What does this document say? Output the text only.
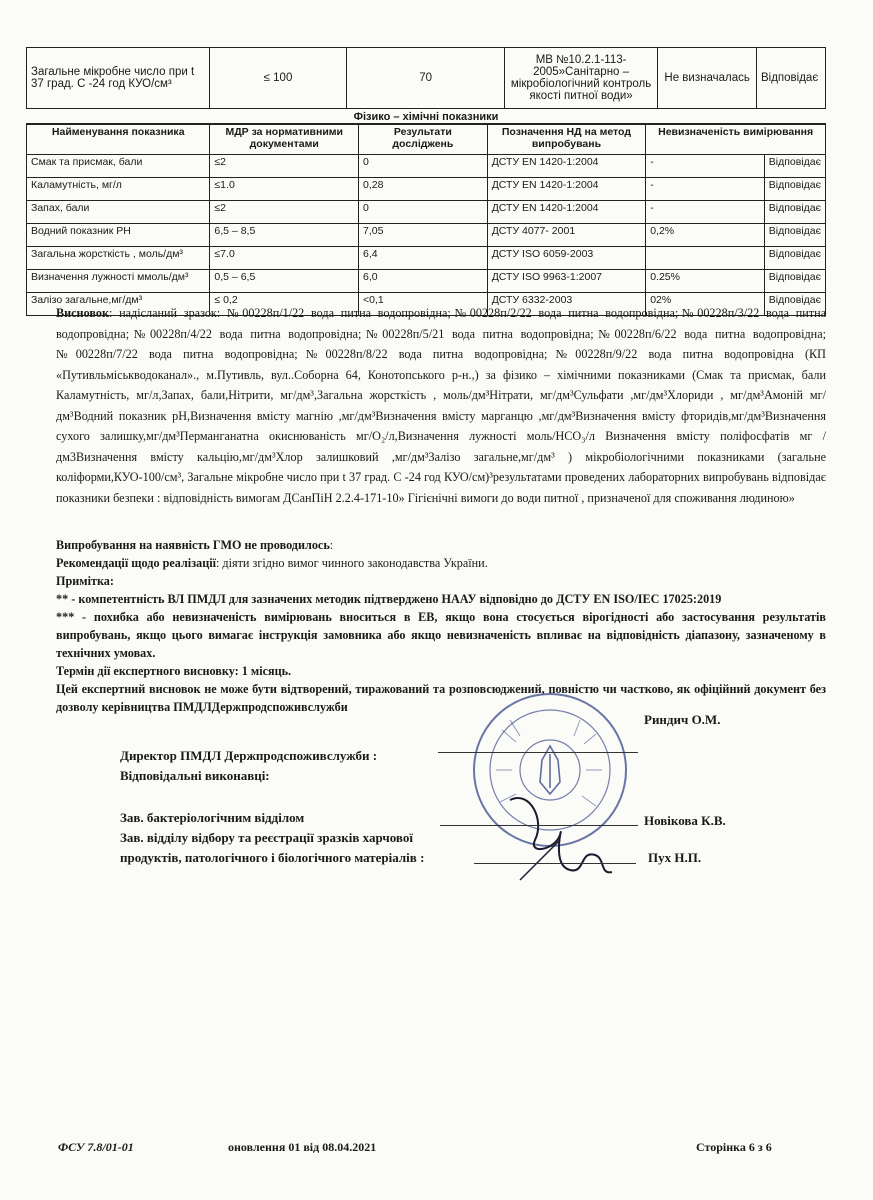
Загальне мікробне число при t 37 град. С -24 год КУО/см³	≤ 100	70	МВ №10.2.1-113-2005»Санітарно – мікробіологічний контроль якості питної води»	Не визначалась	Відповідає
Фізико – хімічні показники
Найменування показника	МДР за нормативними документами	Результати досліджень	Позначення НД на метод випробувань	Невизначеність вимірювання	
Смак та присмак, бали	≤2	0	ДСТУ EN 1420-1:2004	-	Відповідає
Каламутність, мг/л	≤1.0	0,28	ДСТУ EN 1420-1:2004	-	Відповідає
Запах, бали	≤2	0	ДСТУ EN 1420-1:2004	-	Відповідає
Водний показник РН	6,5 – 8,5	7,05	ДСТУ 4077- 2001	0,2%	Відповідає
Загальна жорсткість , моль/дм³	≤7.0	6,4	ДСТУ ISO 6059-2003		Відповідає
Визначення лужності ммоль/дм³	0,5 – 6,5	6,0	ДСТУ ISO 9963-1:2007	0.25%	Відповідає
Залізо загальне,мг/дм³	≤ 0,2	<0,1	ДСТУ 6332-2003	02%	Відповідає
Висновок: надісланий зразок: №00228п/1/22 вода питна водопровідна;№00228п/2/22 вода питна водопровідна;№00228п/3/22 вода питна водопровідна;№00228п/4/22 вода питна водопровідна;№00228п/5/21 вода питна водопровідна;№00228п/6/22 вода питна водопровідна;№00228п/7/22 вода питна водопровідна;№00228п/8/22 вода питна водопровідна;№00228п/9/22 вода питна водопровідна (КП «Путивльміськводоканал»., м.Путивль, вул..Соборна 64, Конотопського р-н.,) за фізико – хімічними показниками (Смак та присмак, бали Каламутність, мг/л,Запах, бали,Нітрити, мг/дм³,Загальна жорсткість , моль/дм³Нітрати, мг/дм³Сульфати ,мг/дм³Хлориди , мг/дм³Амоній мг/дм³Водний показник рН,Визначення вмісту магнію ,мг/дм³Визначення вмісту марганцю ,мг/дм³Визначення вмісту фторидів,мг/дм³Визначення сухого залишку,мг/дм³Перманганатна окиснюваність мг/О₂/л,Визначення лужності моль/НСО₃/л Визначення вмісту поліфосфатів мг /дм3Визначення вмісту кальцію,мг/дм³Хлор залишковий ,мг/дм³Залізо загальне,мг/дм³ ) мікробіологічними показниками (загальне коліформи,КУО-100/см³, Загальне мікробне число при t 37 град. С -24 год КУО/см)³результатами проведених лабораторних випробувань відповідає показники безпеки : відповідність вимогам ДСанПіН 2.2.4-171-10» Гігієнічні вимоги до води питної , призначеної для споживання людиною»
Випробування на наявність ГМО не проводилось:
Рекомендації щодо реалізації: діяти згідно вимог чинного законодавства України.
Примітка:
** - компетентність ВЛ ПМДЛ для зазначених методик підтверджено НААУ відповідно до ДСТУ EN ISO/IEC 17025:2019
*** - похибка або невизначеність вимірювань вноситься в ЕВ, якщо вона стосується вірогідності або застосування результатів випробувань, якщо цього вимагає інструкція замовника або якщо невизначеність впливає на відповідність діапазону, зазначеному в технічних умовах.
Термін дії експертного висновку: 1 місяць.
Цей експертний висновок не може бути відтворений, тиражований та розповсюджений, повністю чи частково, як офіційний документ без дозволу керівництва ПМДЛДержпродспоживслужби
Директор ПМДЛ Держпродспоживслужби :
Відповідальні виконавці:
Риндич О.М.
Зав. бактеріологічним відділом	Новікова К.В.
Зав. відділу відбору та реєстрації зразків харчової продуктів, патологічного і біологічного матеріалів :	Пух Н.П.
ФСУ 7.8/01-01	оновлення 01 від 08.04.2021	Сторінка 6 з 6
